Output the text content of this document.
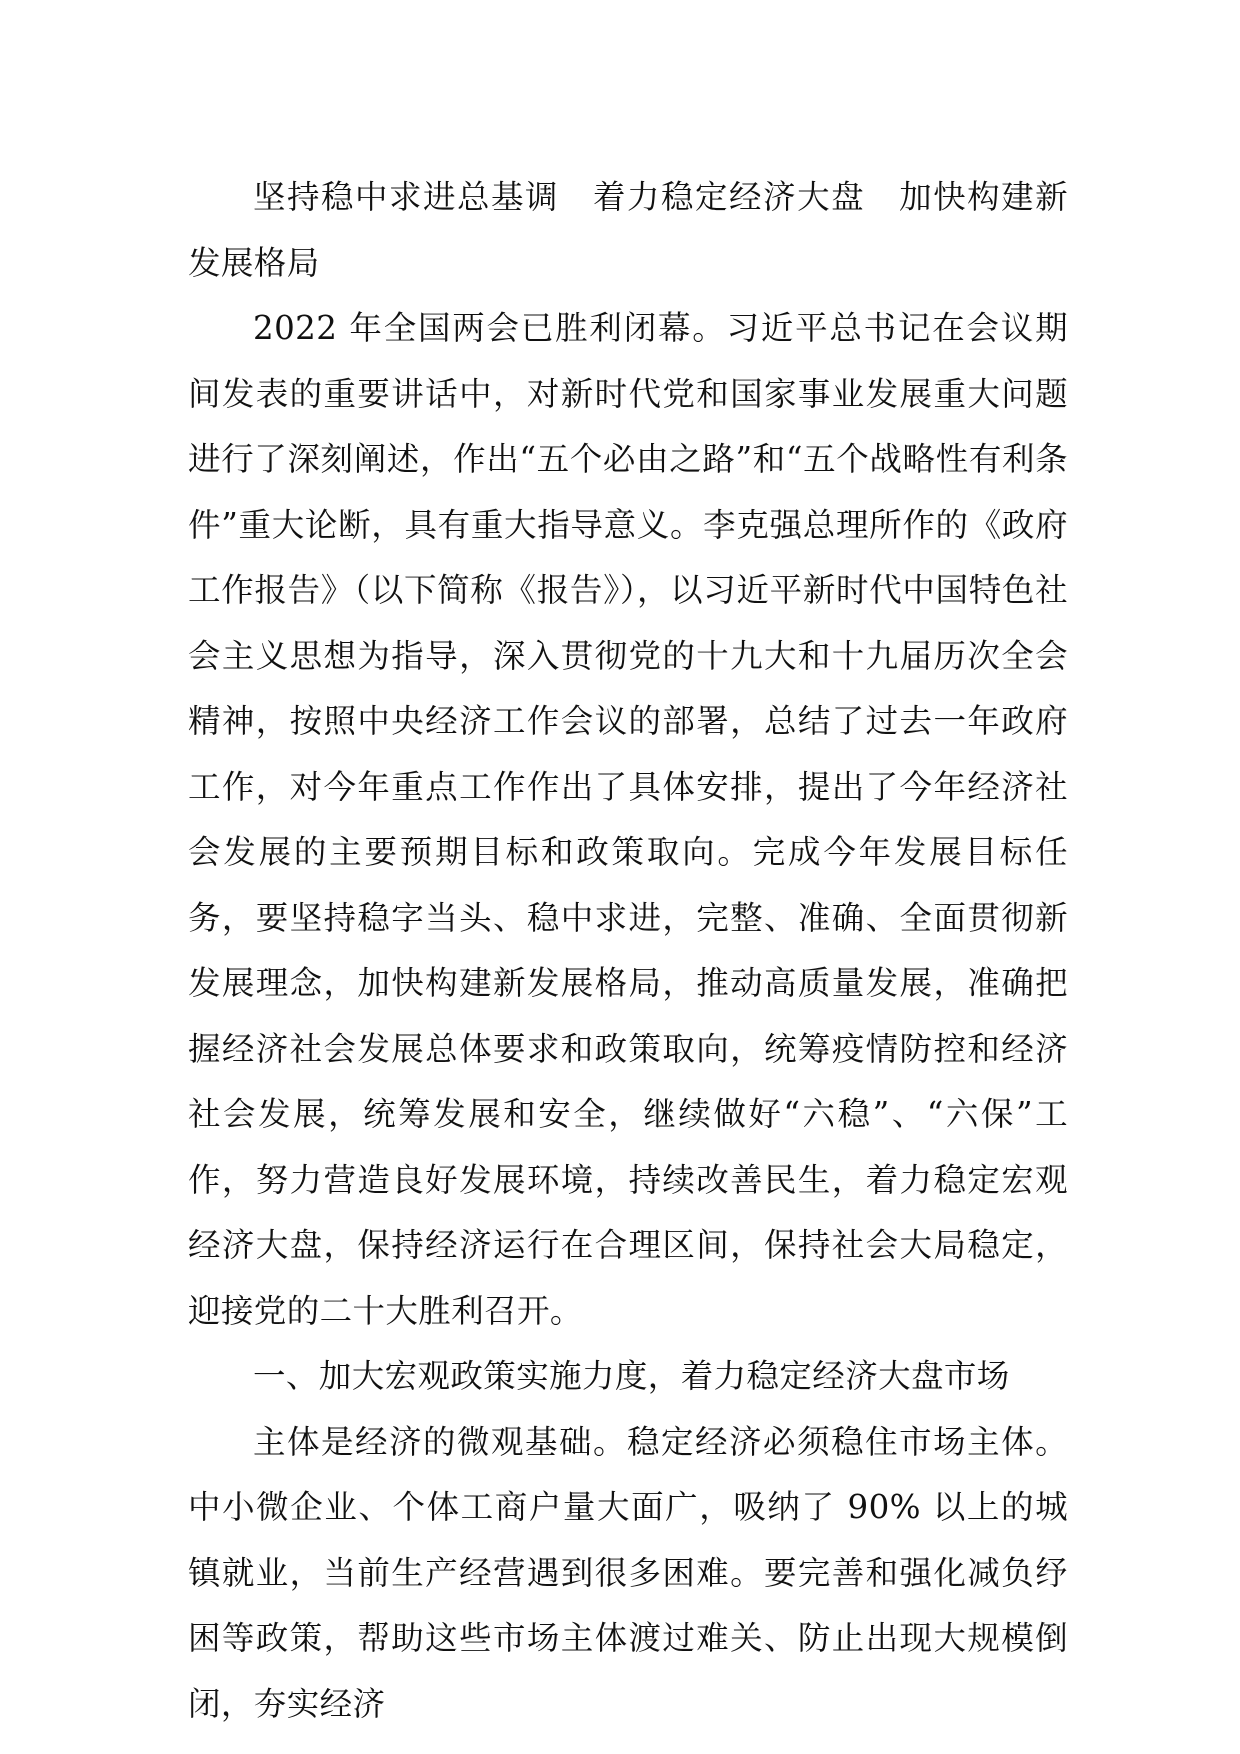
坚持稳中求进总基调　着力稳定经济大盘　加快构建新发展格局

2022 年全国两会已胜利闭幕。习近平总书记在会议期间发表的重要讲话中，对新时代党和国家事业发展重大问题进行了深刻阐述，作出“五个必由之路”和“五个战略性有利条件”重大论断，具有重大指导意义。李克强总理所作的《政府工作报告》（以下简称《报告》），以习近平新时代中国特色社会主义思想为指导，深入贯彻党的十九大和十九届历次全会精神，按照中央经济工作会议的部署，总结了过去一年政府工作，对今年重点工作作出了具体安排，提出了今年经济社会发展的主要预期目标和政策取向。完成今年发展目标任务，要坚持稳字当头、稳中求进，完整、准确、全面贯彻新发展理念，加快构建新发展格局，推动高质量发展，准确把握经济社会发展总体要求和政策取向，统筹疫情防控和经济社会发展，统筹发展和安全，继续做好“六稳”、“六保”工作，努力营造良好发展环境，持续改善民生，着力稳定宏观经济大盘，保持经济运行在合理区间，保持社会大局稳定，迎接党的二十大胜利召开。

一、加大宏观政策实施力度，着力稳定经济大盘市场

主体是经济的微观基础。稳定经济必须稳住市场主体。中小微企业、个体工商户量大面广，吸纳了 90% 以上的城镇就业，当前生产经营遇到很多困难。要完善和强化减负纾困等政策，帮助这些市场主体渡过难关、防止出现大规模倒闭，夯实经济
